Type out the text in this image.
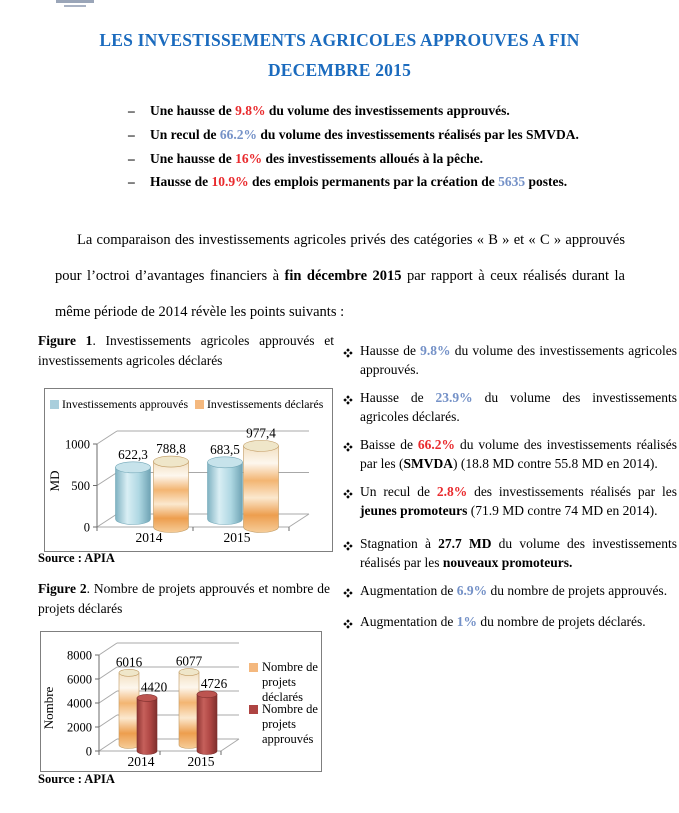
LES INVESTISSEMENTS AGRICOLES APPROUVES A FIN
DECEMBRE 2015
–	Une hausse de 9.8% du volume des investissements approuvés.
–	Un recul de 66.2% du volume des investissements réalisés par les SMVDA.
–	Une hausse de 16% des investissements alloués à la pêche.
–	Hausse de 10.9% des emplois permanents par la création de 5635 postes.
La comparaison des investissements agricoles privés des catégories « B » et « C » approuvés pour l’octroi d’avantages financiers à fin décembre 2015 par rapport à ceux réalisés durant la même période de 2014 révèle les points suivants :
Figure 1. Investissements agricoles approuvés et investissements agricoles déclarés
0
500
1000
MD
622,3	683,5
788,8
977,4
2014	2015
Investissements approuvés Investissements déclarés
Source : APIA
Figure 2. Nombre de projets approuvés et nombre de projets déclarés
0
2000
4000
6000
8000
Nombre
6016	6077
4420	4726
2014 2015
Nombre de
projets
déclarés
Nombre de
projets
approuvés
Source : APIA
Hausse de 9.8% du volume des investissements agricoles approuvés.
Hausse de 23.9% du volume des investissements agricoles déclarés.
Baisse de 66.2% du volume des investissements réalisés par les (SMVDA) (18.8 MD contre 55.8 MD en 2014).
Un recul de 2.8% des investissements réalisés par les jeunes promoteurs (71.9 MD contre 74 MD en 2014).
Stagnation à 27.7 MD du volume des investissements réalisés par les nouveaux promoteurs.
Augmentation de 6.9% du nombre de projets approuvés.
Augmentation de 1% du nombre de projets déclarés.
